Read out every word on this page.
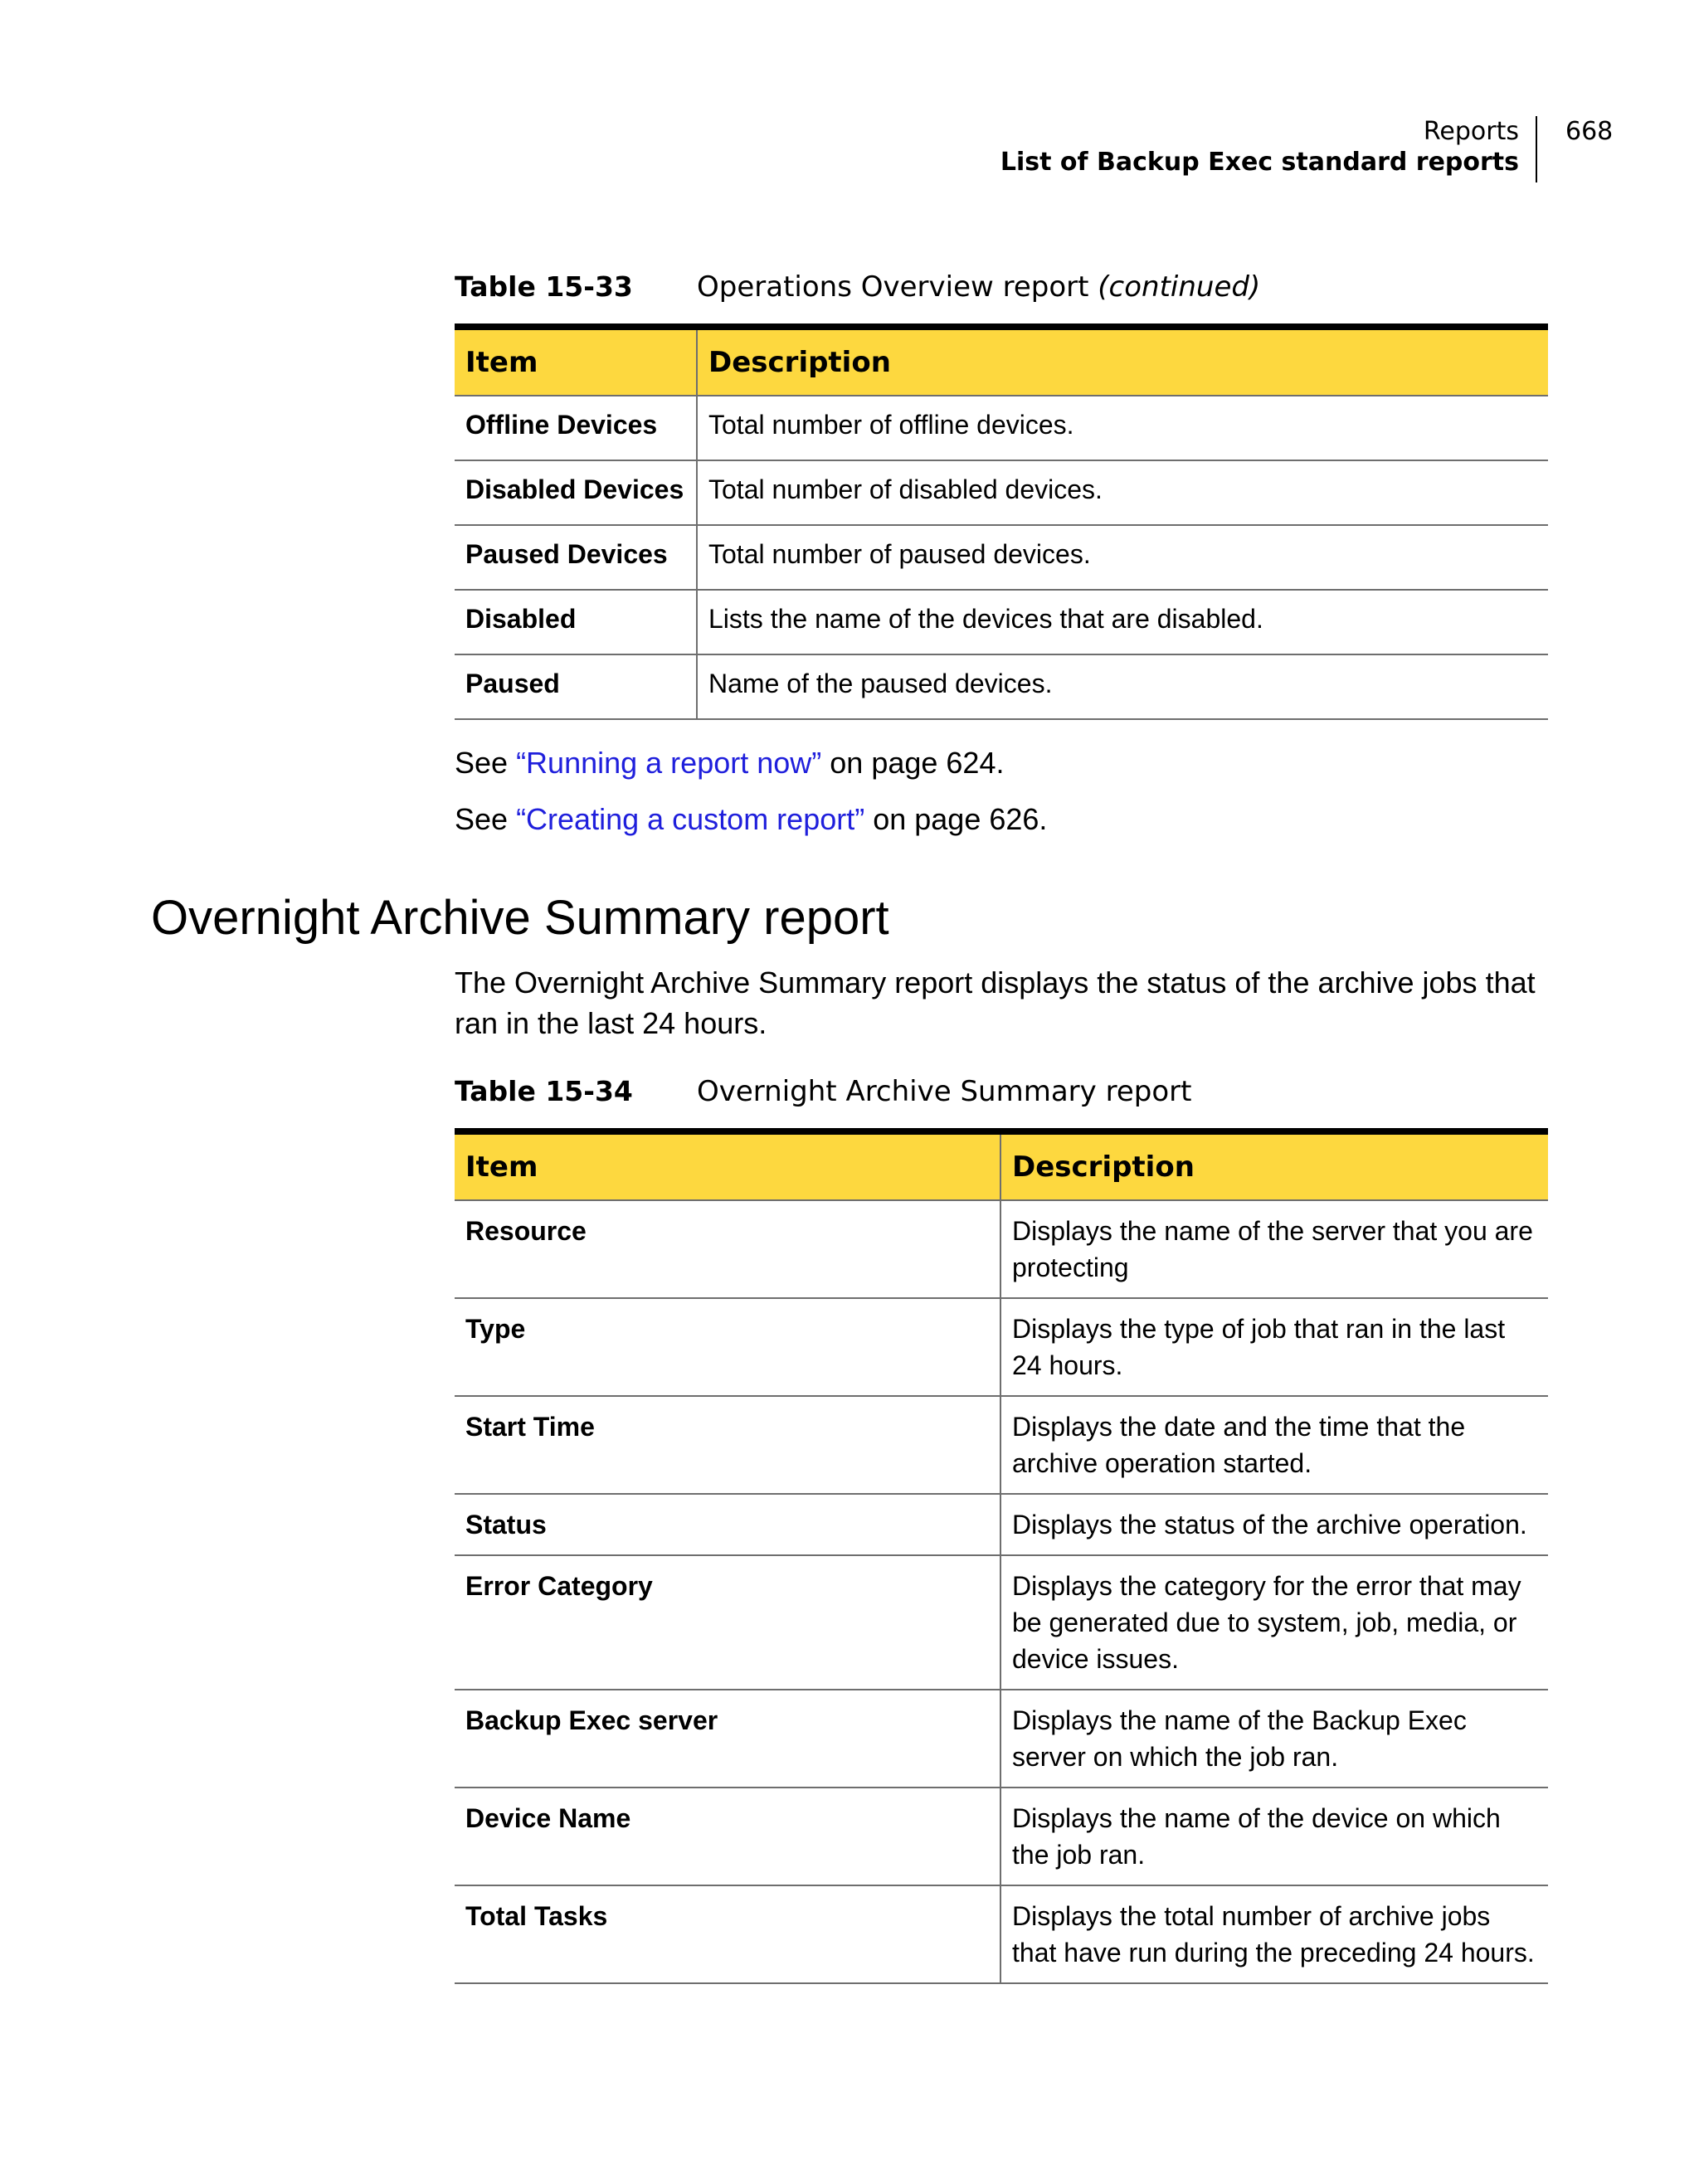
Reports
List of Backup Exec standard reports
668
Table 15-33 Operations Overview report (continued)
Item	Description
Offline Devices	Total number of offline devices.
Disabled Devices	Total number of disabled devices.
Paused Devices	Total number of paused devices.
Disabled	Lists the name of the devices that are disabled.
Paused	Name of the paused devices.
See “Running a report now” on page 624.
See “Creating a custom report” on page 626.
Overnight Archive Summary report

The Overnight Archive Summary report displays the status of the archive jobs that ran in the last 24 hours.

Table 15-34 Overnight Archive Summary report
Item	Description
Resource	Displays the name of the server that you are protecting
Type	Displays the type of job that ran in the last 24 hours.
Start Time	Displays the date and the time that the archive operation started.
Status	Displays the status of the archive operation.
Error Category	Displays the category for the error that may be generated due to system, job, media, or device issues.
Backup Exec server	Displays the name of the Backup Exec server on which the job ran.
Device Name	Displays the name of the device on which the job ran.
Total Tasks	Displays the total number of archive jobs that have run during the preceding 24 hours.
